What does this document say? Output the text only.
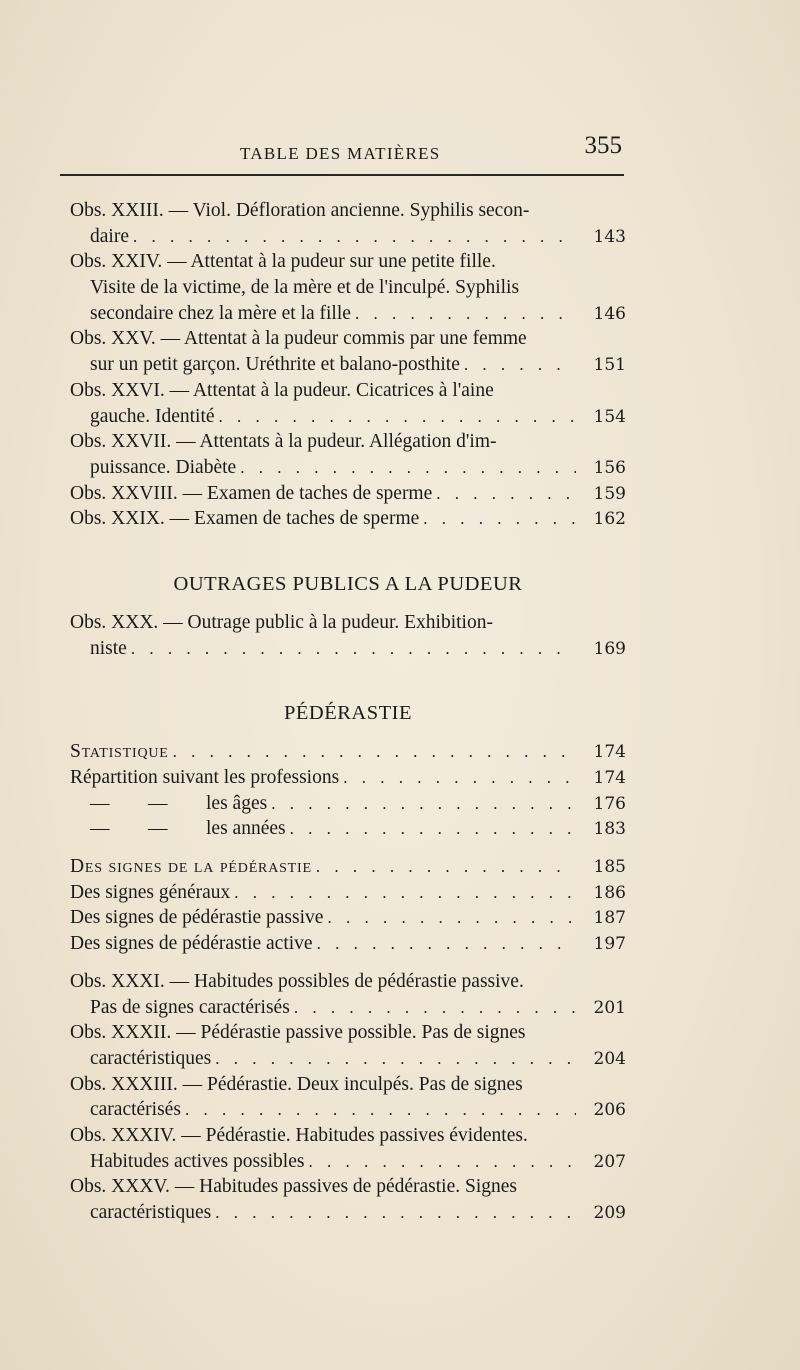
TABLE DES MATIÈRES	355
Obs. XXIII. — Viol. Défloration ancienne. Syphilis secon-
daire . . .	143
Obs. XXIV. — Attentat à la pudeur sur une petite fille.
Visite de la victime, de la mère et de l'inculpé. Syphilis
secondaire chez la mère et la fille . . .	146
Obs. XXV. — Attentat à la pudeur commis par une femme
sur un petit garçon. Uréthrite et balano-posthite . . .	151
Obs. XXVI. — Attentat à la pudeur. Cicatrices à l'aine
gauche. Identité . . .	154
Obs. XXVII. — Attentats à la pudeur. Allégation d'im-
puissance. Diabète . . .	156
Obs. XXVIII. — Examen de taches de sperme . . .	159
Obs. XXIX. — Examen de taches de sperme . . .	162
OUTRAGES PUBLICS A LA PUDEUR
Obs. XXX. — Outrage public à la pudeur. Exhibition-
niste . . .	169
PÉDÉRASTIE
Statistique . . .	174
Répartition suivant les professions . . .	174
—	—	les âges . . .	176
—	—	les années . . .	183
Des signes de la pédérastie . . .	185
Des signes généraux . . .	186
Des signes de pédérastie passive . . .	187
Des signes de pédérastie active . . .	197
Obs. XXXI. — Habitudes possibles de pédérastie passive.
Pas de signes caractérisés . . .	201
Obs. XXXII. — Pédérastie passive possible. Pas de signes
caractéristiques . . .	204
Obs. XXXIII. — Pédérastie. Deux inculpés. Pas de signes
caractérisés . . .	206
Obs. XXXIV. — Pédérastie. Habitudes passives évidentes.
Habitudes actives possibles . . .	207
Obs. XXXV. — Habitudes passives de pédérastie. Signes
caractéristiques . . .	209
